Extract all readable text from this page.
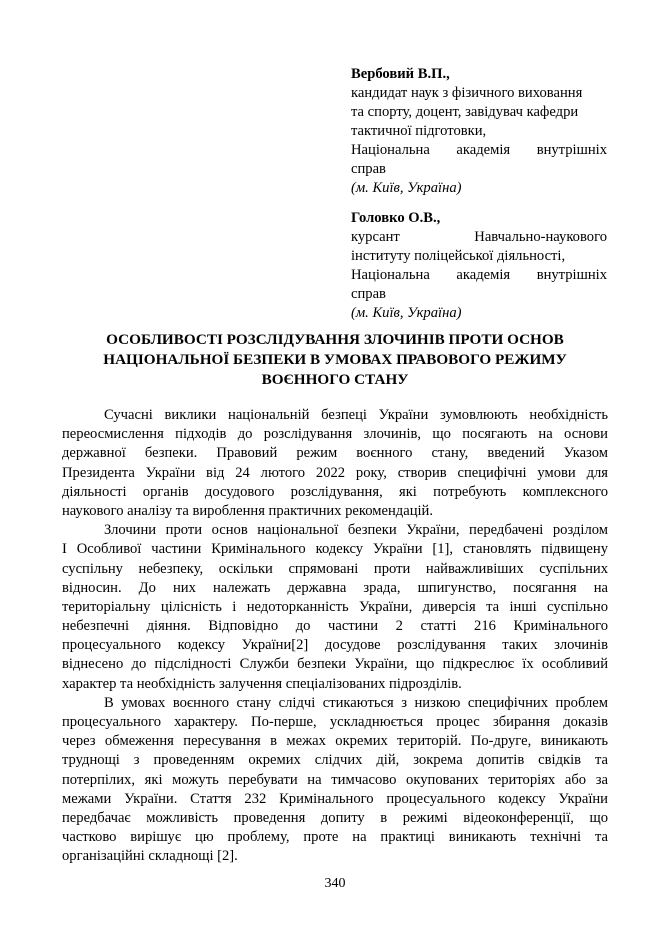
Вербовий В.П.,
кандидат наук з фізичного виховання
та спорту, доцент, завідувач кафедри
тактичної підготовки,
Національна академія внутрішніх
справ
(м. Київ, Україна)
Головко О.В.,
курсант Навчально-наукового
інституту поліцейської діяльності,
Національна академія внутрішніх
справ
(м. Київ, Україна)
ОСОБЛИВОСТІ РОЗСЛІДУВАННЯ ЗЛОЧИНІВ ПРОТИ ОСНОВ
НАЦІОНАЛЬНОЇ БЕЗПЕКИ В УМОВАХ ПРАВОВОГО РЕЖИМУ
ВОЄННОГО СТАНУ
Сучасні виклики національній безпеці України зумовлюють необхідність
переосмислення підходів до розслідування злочинів, що посягають на основи
державної безпеки. Правовий режим воєнного стану, введений Указом
Президента України від 24 лютого 2022 року, створив специфічні умови для
діяльності органів досудового розслідування, які потребують комплексного
наукового аналізу та вироблення практичних рекомендацій.
Злочини проти основ національної безпеки України, передбачені розділом
І Особливої частини Кримінального кодексу України [1], становлять підвищену
суспільну небезпеку, оскільки спрямовані проти найважливіших суспільних
відносин. До них належать державна зрада, шпигунство, посягання на
територіальну цілісність і недоторканність України, диверсія та інші суспільно
небезпечні діяння. Відповідно до частини 2 статті 216 Кримінального
процесуального кодексу України[2] досудове розслідування таких злочинів
віднесено до підслідності Служби безпеки України, що підкреслює їх особливий
характер та необхідність залучення спеціалізованих підрозділів.
В умовах воєнного стану слідчі стикаються з низкою специфічних проблем
процесуального характеру. По-перше, ускладнюється процес збирання доказів
через обмеження пересування в межах окремих територій. По-друге, виникають
труднощі з проведенням окремих слідчих дій, зокрема допитів свідків та
потерпілих, які можуть перебувати на тимчасово окупованих територіях або за
межами України. Стаття 232 Кримінального процесуального кодексу України
передбачає можливість проведення допиту в режимі відеоконференції, що
частково вирішує цю проблему, проте на практиці виникають технічні та
організаційні складнощі [2].
340
